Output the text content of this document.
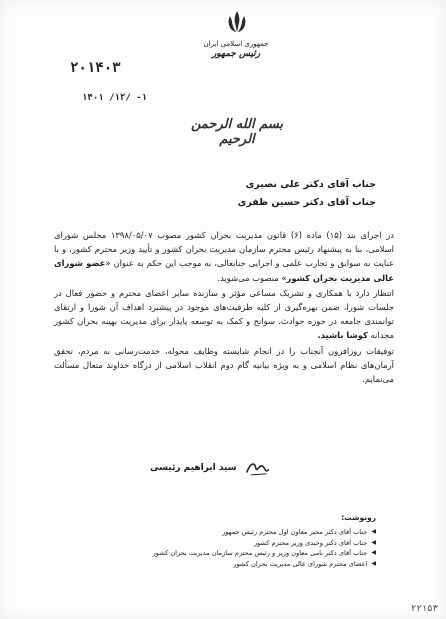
جمهوری اسلامی ایران
رئیس جمهور
۲۰۱۴۰۳
۱۴۰۱ /۱۲/ -۱
بسم الله الرحمن الرحیم
جناب آقای دکتر علی نصیری
جناب آقای دکتر حسین ظفری

در اجرای بند (۱۵) ماده (۶) قانون مدیریت بحران کشور مصوب ۱۳۹۸/۰۵/۰۷ مجلس شورای اسلامی، بنا به پیشنهاد رئیس محترم سازمان مدیریت بحران کشور و تأیید وزیر محترم کشور، و با عنایت به سوابق و تجارب علمی و اجرایی جنابعالی، به موجب این حکم به عنوان «عضو شورای عالی مدیریت بحران کشور» منصوب می‌شوید.

انتظار دارد با همکاری و تشریک مساعی مؤثر و سازنده سایر اعضای محترم و حضور فعال در جلسات شورا، ضمن بهره‌گیری از کلیه ظرفیت‌های موجود در پیشبرد اهداف آن شورا و ارتقای توانمندی جامعه در حوزه حوادث، سوانح و کمک به توسعه پایدار برای مدیریت بهینه بحران کشور مجدانه کوشا باشید.

توفیقات روزافزون آنجناب را در انجام شایسته وظایف محوله، خدمت‌رسانی به مردم، تحقق آرمان‌های نظام اسلامی و به ویژه بیانیه گام دوم انقلاب اسلامی از درگاه خداوند متعال مسألت می‌نمایم.

سید ابراهیم رئیسی
رونوشت:
◀
جناب آقای دکتر مخبر معاون اول محترم رئیس جمهور
◀
جناب آقای دکتر وحیدی وزیر محترم کشور
◀
جناب آقای دکتر نامی معاون وزیر و رئیس محترم سازمان مدیریت بحران کشور
◀
اعضای محترم شورای عالی مدیریت بحران کشور
۲۲۱۵۳
